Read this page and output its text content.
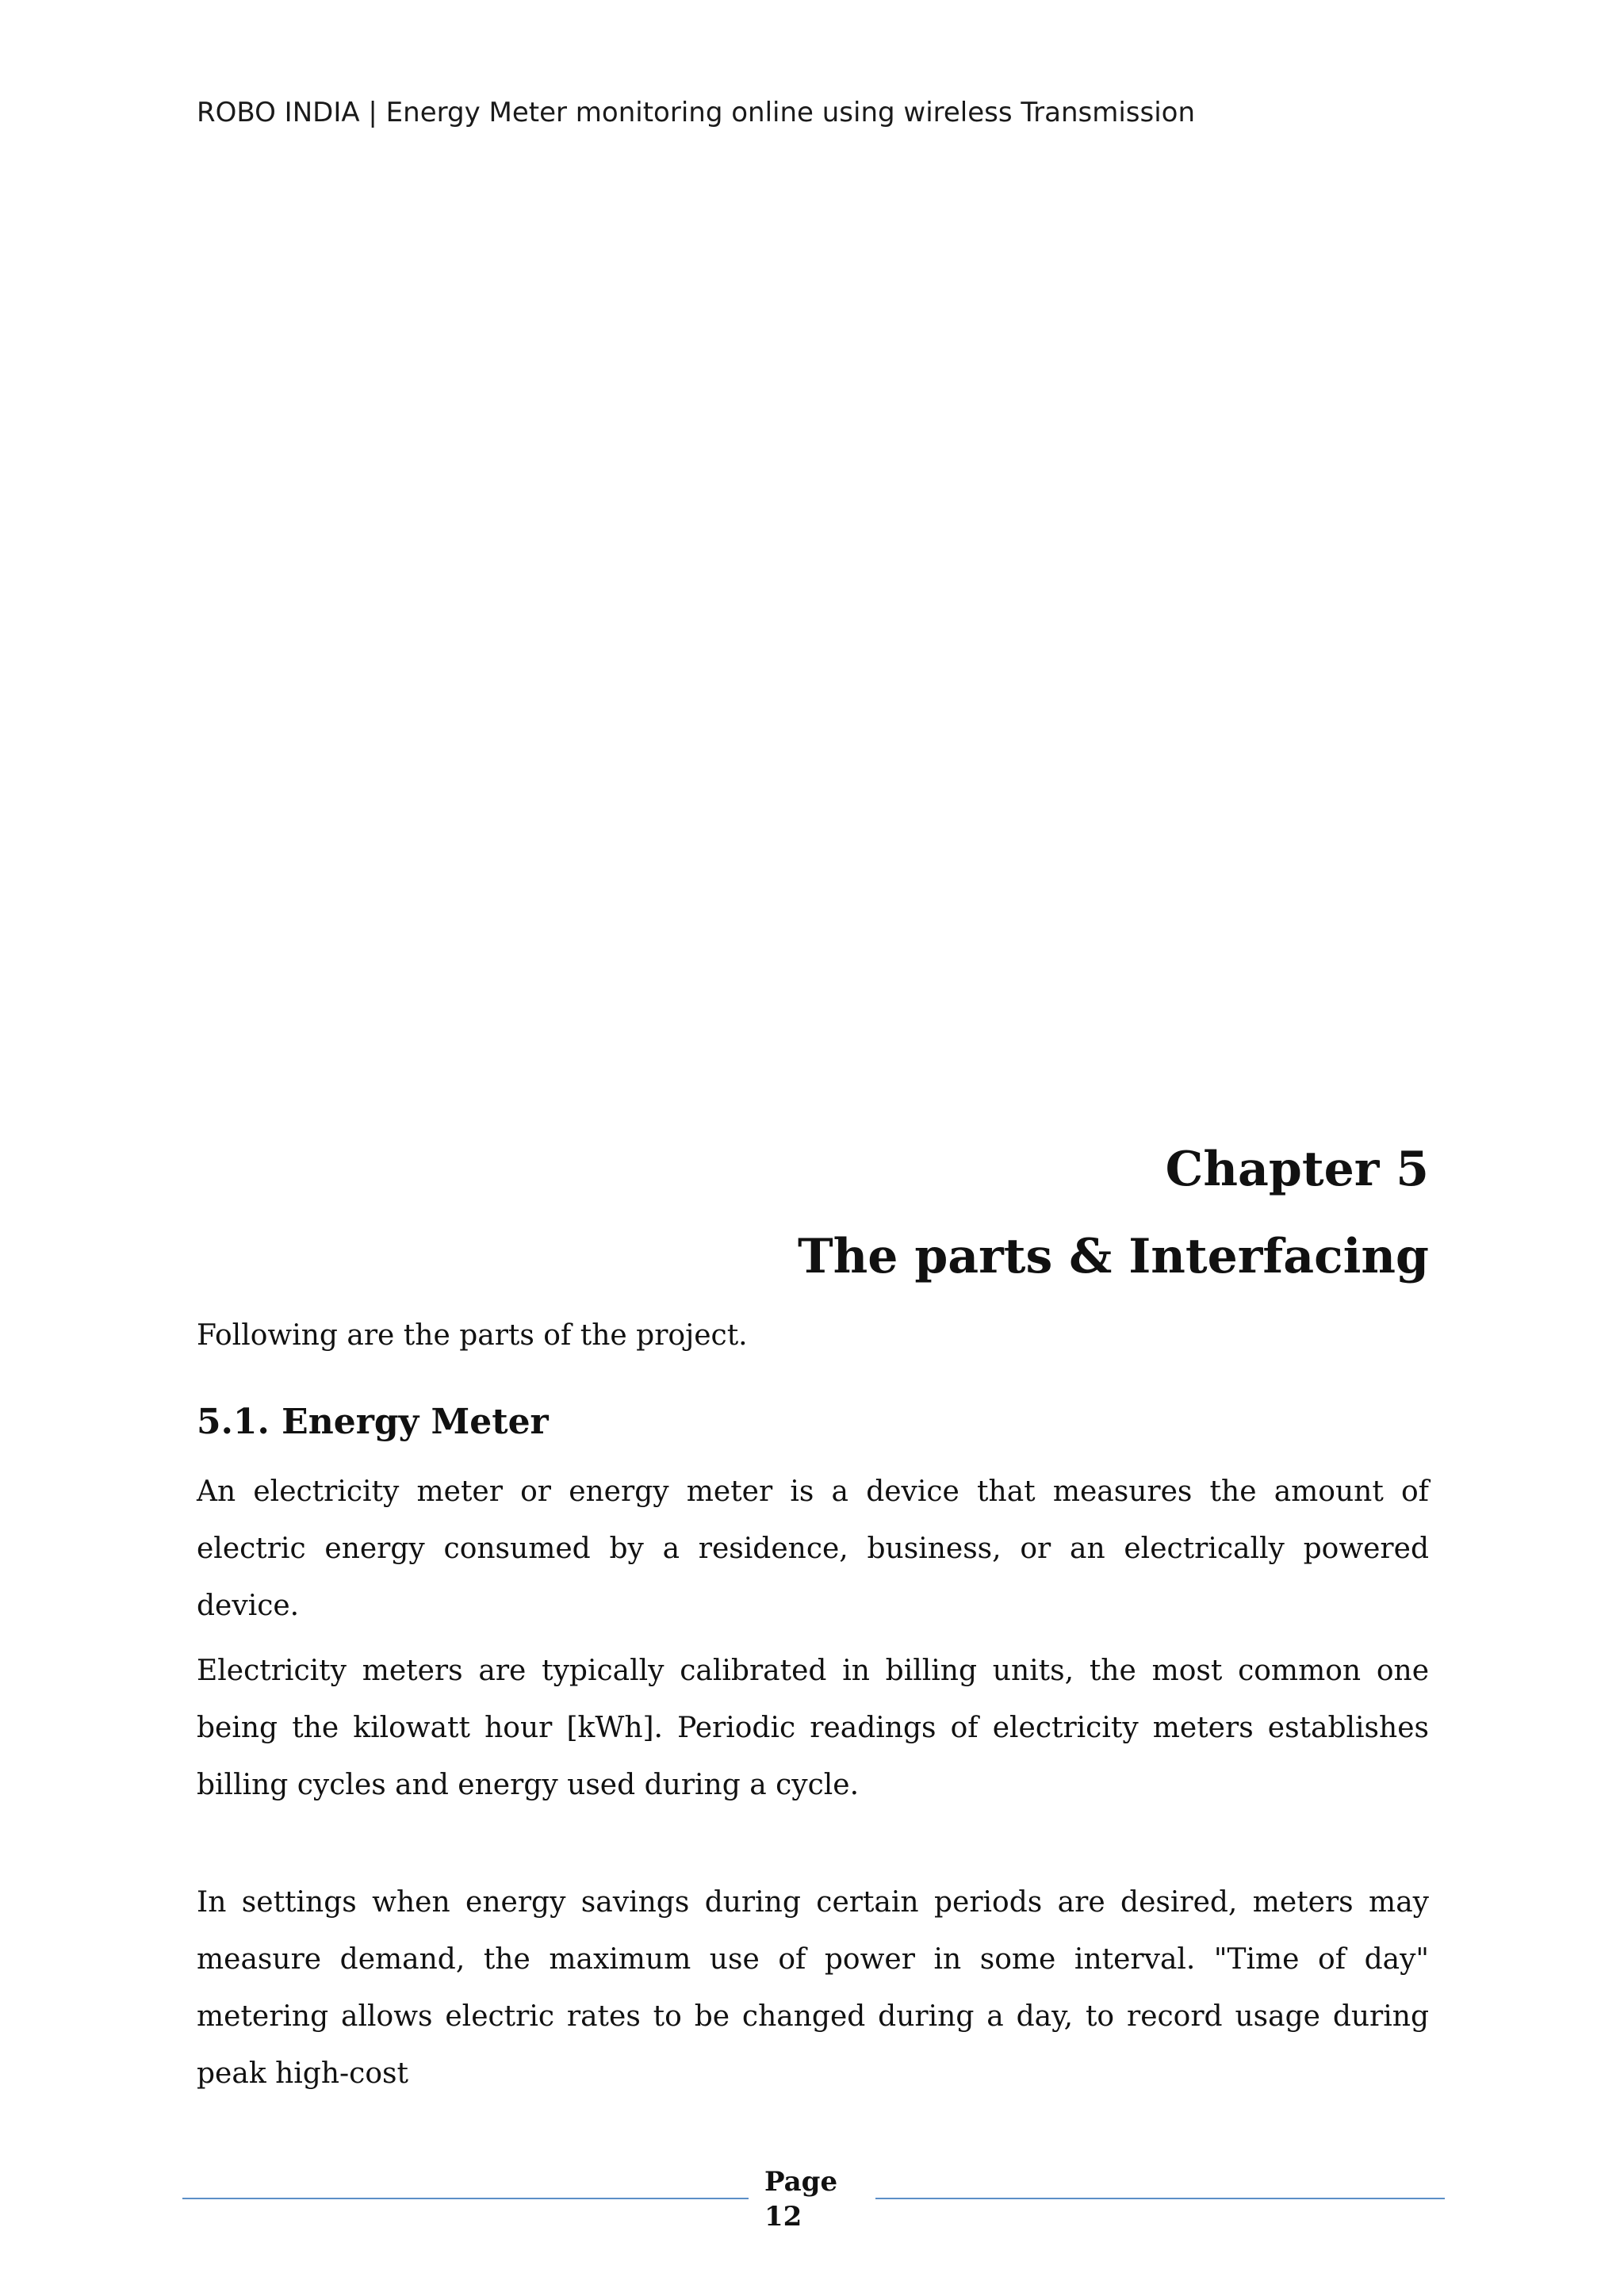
ROBO INDIA | Energy Meter monitoring online using wireless Transmission
Chapter 5
The parts & Interfacing
Following are the parts of the project.
5.1. Energy Meter
An electricity meter or energy meter is a device that measures the amount of electric energy consumed by a residence, business, or an electrically powered device.
Electricity meters are typically calibrated in billing units, the most common one being the kilowatt hour [kWh]. Periodic readings of electricity meters establishes billing cycles and energy used during a cycle.
In settings when energy savings during certain periods are desired, meters may measure demand, the maximum use of power in some interval. "Time of day" metering allows electric rates to be changed during a day, to record usage during peak high-cost
Page
12
